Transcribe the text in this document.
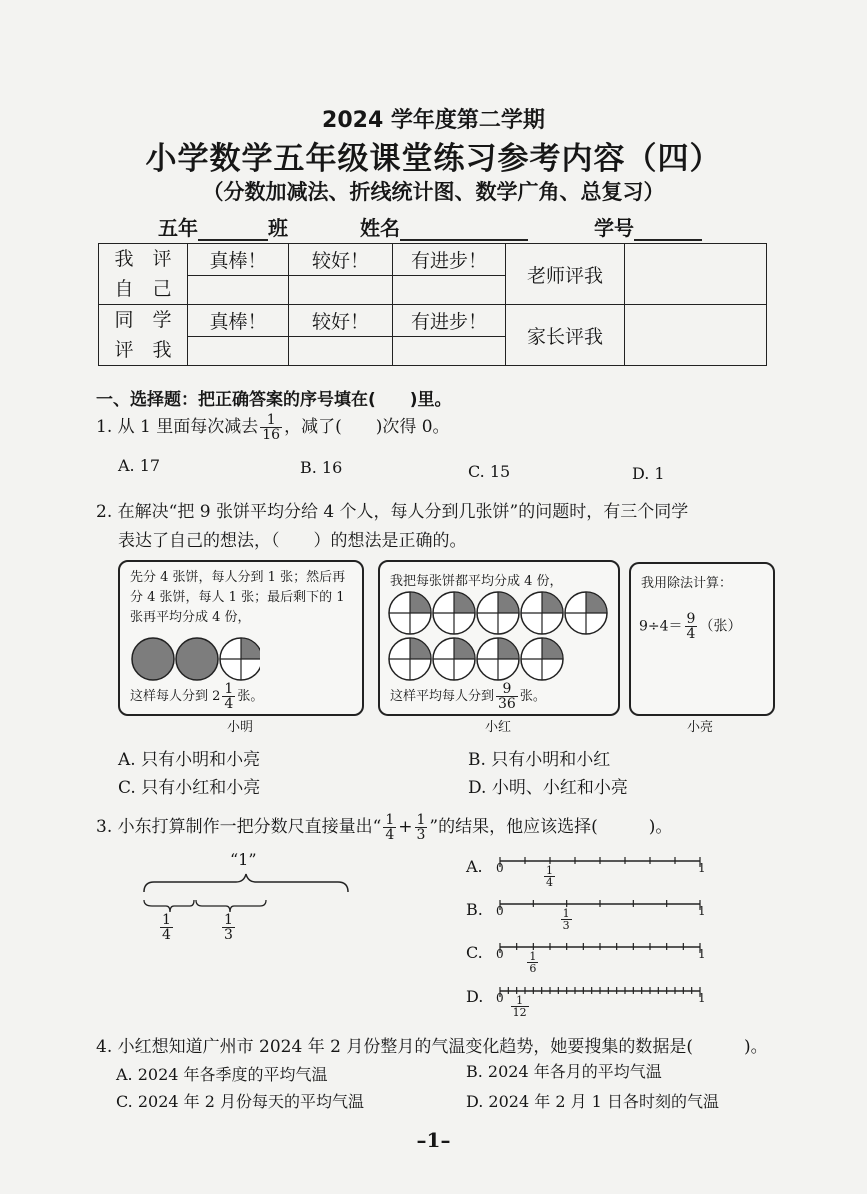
2024 学年度第二学期
小学数学五年级课堂练习参考内容（四）
（分数加减法、折线统计图、数学广角、总复习）
五年	班	姓名	学号
我　评
自　己	真棒！	较好！	有进步！	老师评我	

同　学
评　我	真棒！	较好！	有进步！	家长评我	

一、选择题：把正确答案的序号填在(　　)里。
1. 从 1 里面每次减去 $\frac{1}{16}$ ，减了(　　)次得 0。
A. 17	B. 16	C. 15	D. 1
2. 在解决“把 9 张饼平均分给 4 个人，每人分到几张饼”的问题时，有三个同学
表达了自己的想法，（　　）的想法是正确的。
先分 4 张饼，每人分到 1 张；然后再分 4 张饼，每人 1 张；最后剩下的 1 张再平均分成 4 份，
这样每人分到 $2 \frac{1}{4}$ 张。
小明
我把每张饼都平均分成 4 份，
这样平均每人分到 $\frac{9}{36}$ 张。
小红
我用除法计算：
$9\div 4= \frac{9}{4}$ （张）
小亮
A. 只有小明和小亮	B. 只有小明和小红
C. 只有小红和小亮	D. 小明、小红和小亮
3. 小东打算制作一把分数尺直接量出“ $\frac{1}{4} + \frac{1}{3}$ ”的结果，他应该选择(　　　)。
“1”
$\frac{1}{4}$	$\frac{1}{3}$
A. 0	1
$\frac{1}{4}$
B. 0	1
$\frac{1}{3}$
C. 0	1
$\frac{1}{6}$
D. 0	1
$\frac{1}{12}$
4. 小红想知道广州市 2024 年 2 月份整月的气温变化趋势，她要搜集的数据是(　　　)。
A. 2024 年各季度的平均气温	B. 2024 年各月的平均气温
C. 2024 年 2 月份每天的平均气温	D. 2024 年 2 月 1 日各时刻的气温
–1–
